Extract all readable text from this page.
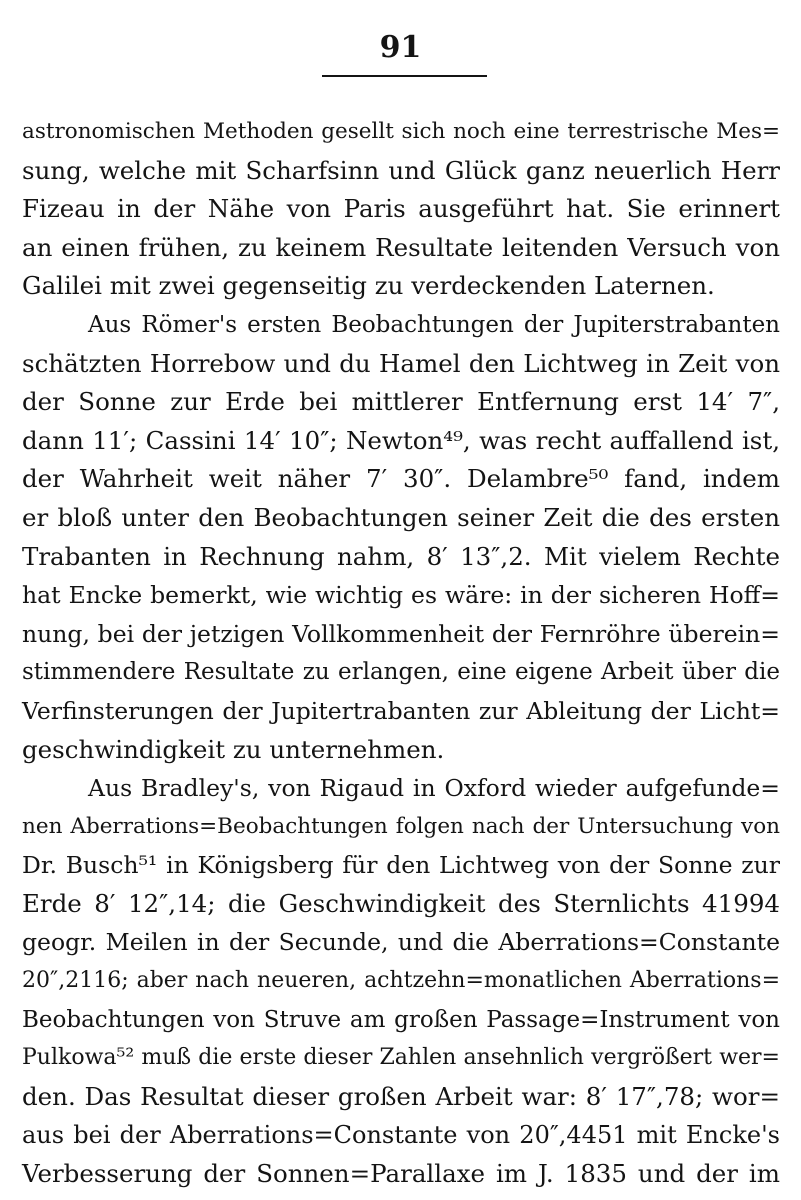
91
astronomischen Methoden gesellt sich noch eine terrestrische Mes=
sung, welche mit Scharfsinn und Glück ganz neuerlich Herr
Fizeau in der Nähe von Paris ausgeführt hat. Sie erinnert
an einen frühen, zu keinem Resultate leitenden Versuch von
Galilei mit zwei gegenseitig zu verdeckenden Laternen.
Aus Römer's ersten Beobachtungen der Jupiterstrabanten
schätzten Horrebow und du Hamel den Lichtweg in Zeit von
der Sonne zur Erde bei mittlerer Entfernung erst 14′ 7″,
dann 11′; Cassini 14′ 10″; Newton⁴⁹, was recht auffallend ist,
der Wahrheit weit näher 7′ 30″. Delambre⁵⁰ fand, indem
er bloß unter den Beobachtungen seiner Zeit die des ersten
Trabanten in Rechnung nahm, 8′ 13″,2. Mit vielem Rechte
hat Encke bemerkt, wie wichtig es wäre: in der sicheren Hoff=
nung, bei der jetzigen Vollkommenheit der Fernröhre überein=
stimmendere Resultate zu erlangen, eine eigene Arbeit über die
Verfinsterungen der Jupitertrabanten zur Ableitung der Licht=
geschwindigkeit zu unternehmen.
Aus Bradley's, von Rigaud in Oxford wieder aufgefunde=
nen Aberrations=Beobachtungen folgen nach der Untersuchung von
Dr. Busch⁵¹ in Königsberg für den Lichtweg von der Sonne zur
Erde 8′ 12″,14; die Geschwindigkeit des Sternlichts 41994
geogr. Meilen in der Secunde, und die Aberrations=Constante
20″,2116; aber nach neueren, achtzehn=monatlichen Aberrations=
Beobachtungen von Struve am großen Passage=Instrument von
Pulkowa⁵² muß die erste dieser Zahlen ansehnlich vergrößert wer=
den. Das Resultat dieser großen Arbeit war: 8′ 17″,78; wor=
aus bei der Aberrations=Constante von 20″,4451 mit Encke's
Verbesserung der Sonnen=Parallaxe im J. 1835 und der im
